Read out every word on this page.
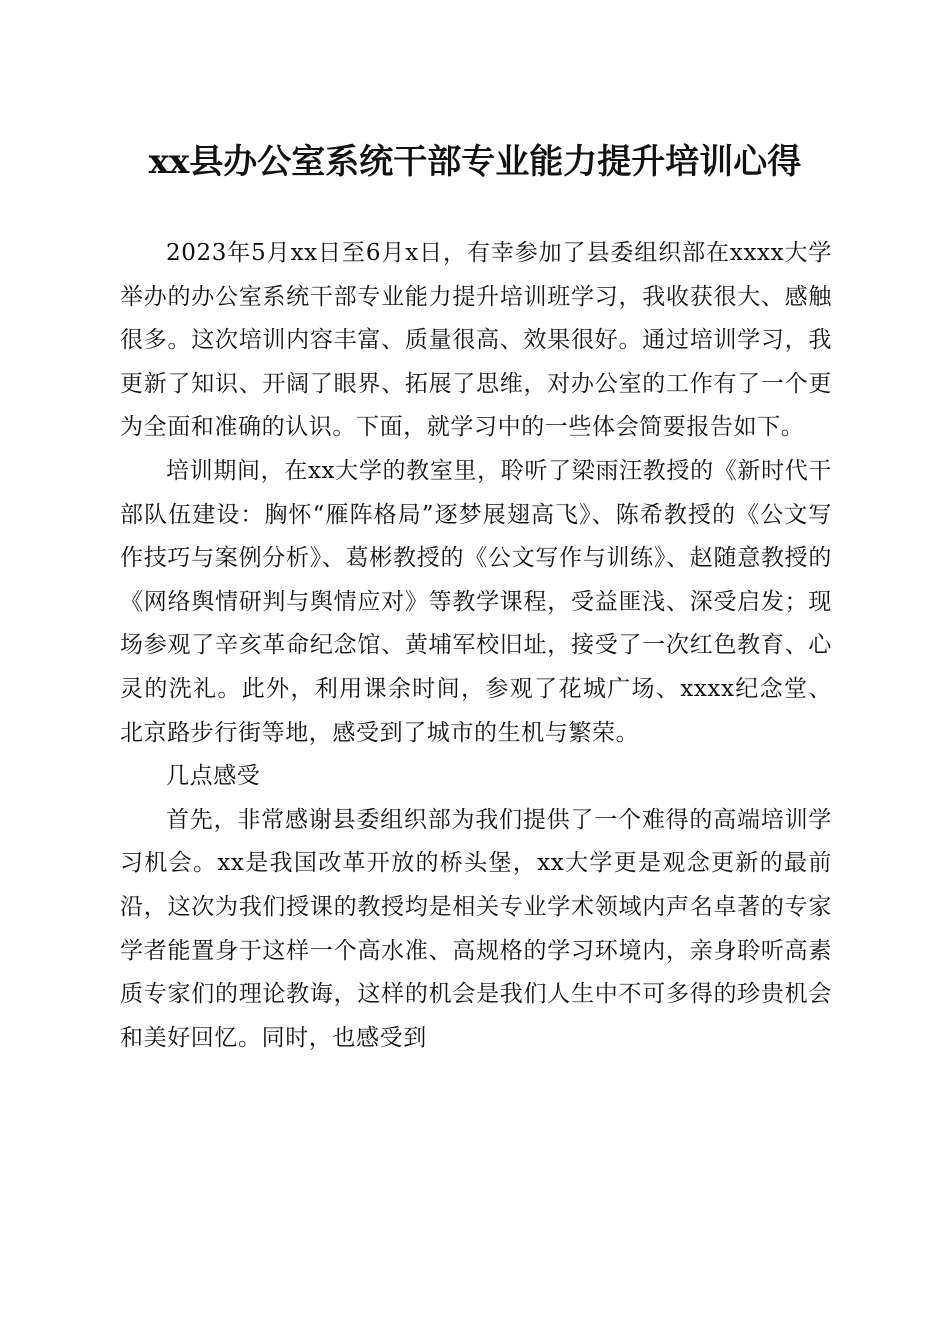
xx县办公室系统干部专业能力提升培训心得

2023年5月xx日至6月x日，有幸参加了县委组织部在xxxx大学举办的办公室系统干部专业能力提升培训班学习，我收获很大、感触很多。这次培训内容丰富、质量很高、效果很好。通过培训学习，我更新了知识、开阔了眼界、拓展了思维，对办公室的工作有了一个更为全面和准确的认识。下面，就学习中的一些体会简要报告如下。

培训期间，在xx大学的教室里，聆听了梁雨汪教授的《新时代干部队伍建设：胸怀“雁阵格局”逐梦展翅高飞》、陈希教授的《公文写作技巧与案例分析》、葛彬教授的《公文写作与训练》、赵随意教授的《网络舆情研判与舆情应对》等教学课程，受益匪浅、深受启发；现场参观了辛亥革命纪念馆、黄埔军校旧址，接受了一次红色教育、心灵的洗礼。此外，利用课余时间，参观了花城广场、xxxx纪念堂、北京路步行街等地，感受到了城市的生机与繁荣。

几点感受

首先，非常感谢县委组织部为我们提供了一个难得的高端培训学习机会。xx是我国改革开放的桥头堡，xx大学更是观念更新的最前沿，这次为我们授课的教授均是相关专业学术领域内声名卓著的专家学者能置身于这样一个高水准、高规格的学习环境内，亲身聆听高素质专家们的理论教诲，这样的机会是我们人生中不可多得的珍贵机会和美好回忆。同时，也感受到
